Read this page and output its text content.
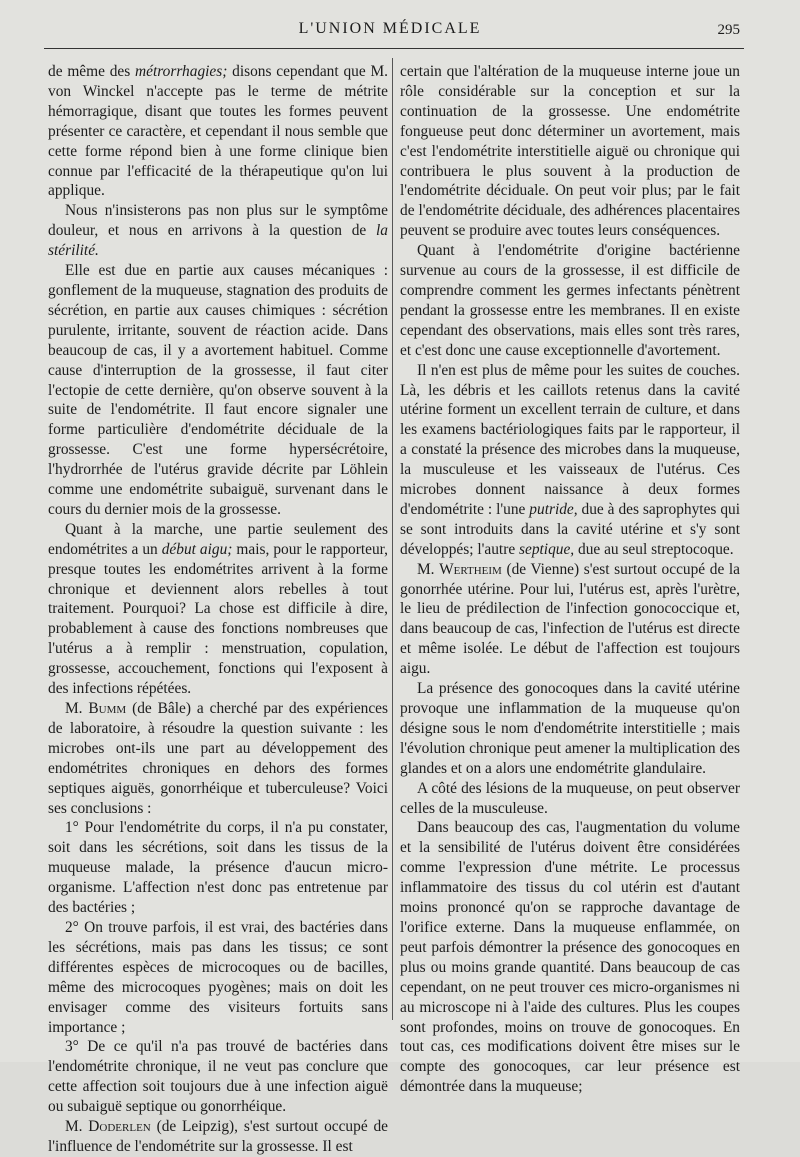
L'UNION MÉDICALE	295

de même des métrorrhagies; disons cependant que M. von Winckel n'accepte pas le terme de métrite hémorragique, disant que toutes les formes peuvent présenter ce caractère, et cependant il nous semble que cette forme répond bien à une forme clinique bien connue par l'efficacité de la thérapeutique qu'on lui applique.

Nous n'insisterons pas non plus sur le symptôme douleur, et nous en arrivons à la question de la stérilité.

Elle est due en partie aux causes mécaniques : gonflement de la muqueuse, stagnation des produits de sécrétion, en partie aux causes chimiques : sécrétion purulente, irritante, souvent de réaction acide. Dans beaucoup de cas, il y a avortement habituel. Comme cause d'interruption de la grossesse, il faut citer l'ectopie de cette dernière, qu'on observe souvent à la suite de l'endométrite. Il faut encore signaler une forme particulière d'endométrite déciduale de la grossesse. C'est une forme hypersécrétoire, l'hydrorrhée de l'utérus gravide décrite par Löhlein comme une endométrite subaiguë, survenant dans le cours du dernier mois de la grossesse.

Quant à la marche, une partie seulement des endométrites a un début aigu; mais, pour le rapporteur, presque toutes les endométrites arrivent à la forme chronique et deviennent alors rebelles à tout traitement. Pourquoi? La chose est difficile à dire, probablement à cause des fonctions nombreuses que l'utérus a à remplir : menstruation, copulation, grossesse, accouchement, fonctions qui l'exposent à des infections répétées.

M. Bumm (de Bâle) a cherché par des expériences de laboratoire, à résoudre la question suivante : les microbes ont-ils une part au développement des endométrites chroniques en dehors des formes septiques aiguës, gonorrhéique et tuberculeuse? Voici ses conclusions :

1° Pour l'endométrite du corps, il n'a pu constater, soit dans les sécrétions, soit dans les tissus de la muqueuse malade, la présence d'aucun micro-organisme. L'affection n'est donc pas entretenue par des bactéries ;

2° On trouve parfois, il est vrai, des bactéries dans les sécrétions, mais pas dans les tissus; ce sont différentes espèces de microcoques ou de bacilles, même des microcoques pyogènes; mais on doit les envisager comme des visiteurs fortuits sans importance ;

3° De ce qu'il n'a pas trouvé de bactéries dans l'endométrite chronique, il ne veut pas conclure que cette affection soit toujours due à une infection aiguë ou subaiguë septique ou gonorrhéique.

M. Doderlen (de Leipzig), s'est surtout occupé de l'influence de l'endométrite sur la grossesse. Il est

certain que l'altération de la muqueuse interne joue un rôle considérable sur la conception et sur la continuation de la grossesse. Une endométrite fongueuse peut donc déterminer un avortement, mais c'est l'endométrite interstitielle aiguë ou chronique qui contribuera le plus souvent à la production de l'endométrite déciduale. On peut voir plus; par le fait de l'endométrite déciduale, des adhérences placentaires peuvent se produire avec toutes leurs conséquences.

Quant à l'endométrite d'origine bactérienne survenue au cours de la grossesse, il est difficile de comprendre comment les germes infectants pénètrent pendant la grossesse entre les membranes. Il en existe cependant des observations, mais elles sont très rares, et c'est donc une cause exceptionnelle d'avortement.

Il n'en est plus de même pour les suites de couches. Là, les débris et les caillots retenus dans la cavité utérine forment un excellent terrain de culture, et dans les examens bactériologiques faits par le rapporteur, il a constaté la présence des microbes dans la muqueuse, la musculeuse et les vaisseaux de l'utérus. Ces microbes donnent naissance à deux formes d'endométrite : l'une putride, due à des saprophytes qui se sont introduits dans la cavité utérine et s'y sont développés; l'autre septique, due au seul streptocoque.

M. Wertheim (de Vienne) s'est surtout occupé de la gonorrhée utérine. Pour lui, l'utérus est, après l'urètre, le lieu de prédilection de l'infection gonococcique et, dans beaucoup de cas, l'infection de l'utérus est directe et même isolée. Le début de l'affection est toujours aigu.

La présence des gonocoques dans la cavité utérine provoque une inflammation de la muqueuse qu'on désigne sous le nom d'endométrite interstitielle ; mais l'évolution chronique peut amener la multiplication des glandes et on a alors une endométrite glandulaire.

A côté des lésions de la muqueuse, on peut observer celles de la musculeuse.

Dans beaucoup des cas, l'augmentation du volume et la sensibilité de l'utérus doivent être considérées comme l'expression d'une métrite. Le processus inflammatoire des tissus du col utérin est d'autant moins prononcé qu'on se rapproche davantage de l'orifice externe. Dans la muqueuse enflammée, on peut parfois démontrer la présence des gonocoques en plus ou moins grande quantité. Dans beaucoup de cas cependant, on ne peut trouver ces micro-organismes ni au microscope ni à l'aide des cultures. Plus les coupes sont profondes, moins on trouve de gonocoques. En tout cas, ces modifications doivent être mises sur le compte des gonocoques, car leur présence est démontrée dans la muqueuse;
